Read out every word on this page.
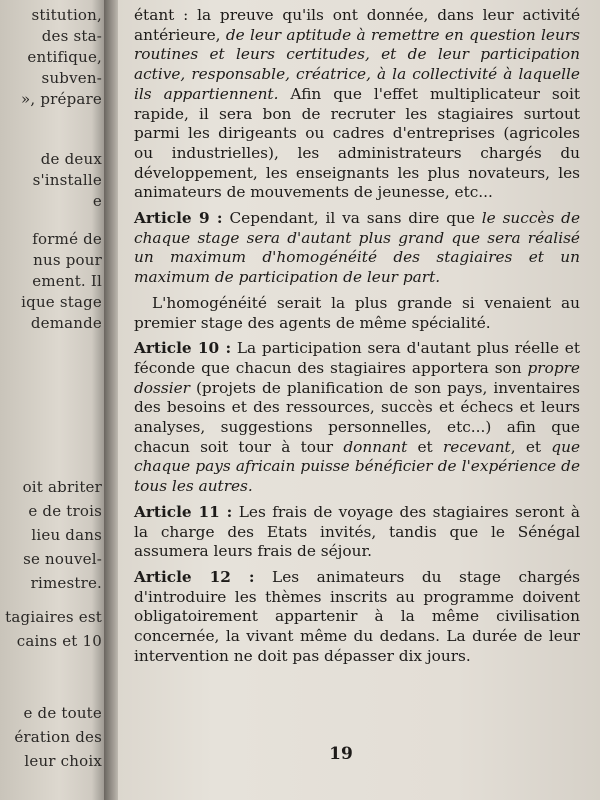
stitution,
des sta-
entifique,
subven-
», prépare
de deux
s'installe
e
formé de
nus pour
ement. Il
ique stage
demande
oit abriter
e de trois
lieu dans
se nouvel-
rimestre.
tagiaires est
cains et 10
e de toute
ération des
leur choix

étant : la preuve qu'ils ont donnée, dans leur activité antérieure, de leur aptitude à remettre en question leurs routines et leurs certitudes, et de leur participation active, responsable, créatrice, à la collectivité à laquelle ils appartiennent. Afin que l'effet multiplicateur soit rapide, il sera bon de recruter les stagiaires surtout parmi les dirigeants ou cadres d'entreprises (agricoles ou industrielles), les administrateurs chargés du développement, les enseignants les plus novateurs, les animateurs de mouvements de jeunesse, etc...

Article 9 : Cependant, il va sans dire que le succès de chaque stage sera d'autant plus grand que sera réalisé un maximum d'homogénéité des stagiaires et un maximum de participation de leur part.

L'homogénéité serait la plus grande si venaient au premier stage des agents de même spécialité.

Article 10 : La participation sera d'autant plus réelle et féconde que chacun des stagiaires apportera son propre dossier (projets de planification de son pays, inventaires des besoins et des ressources, succès et échecs et leurs analyses, suggestions personnelles, etc...) afin que chacun soit tour à tour donnant et recevant, et que chaque pays africain puisse bénéficier de l'expérience de tous les autres.

Article 11 : Les frais de voyage des stagiaires seront à la charge des Etats invités, tandis que le Sénégal assumera leurs frais de séjour.

Article 12 : Les animateurs du stage chargés d'introduire les thèmes inscrits au programme doivent obligatoirement appartenir à la même civilisation concernée, la vivant même du dedans. La durée de leur intervention ne doit pas dépasser dix jours.

19
